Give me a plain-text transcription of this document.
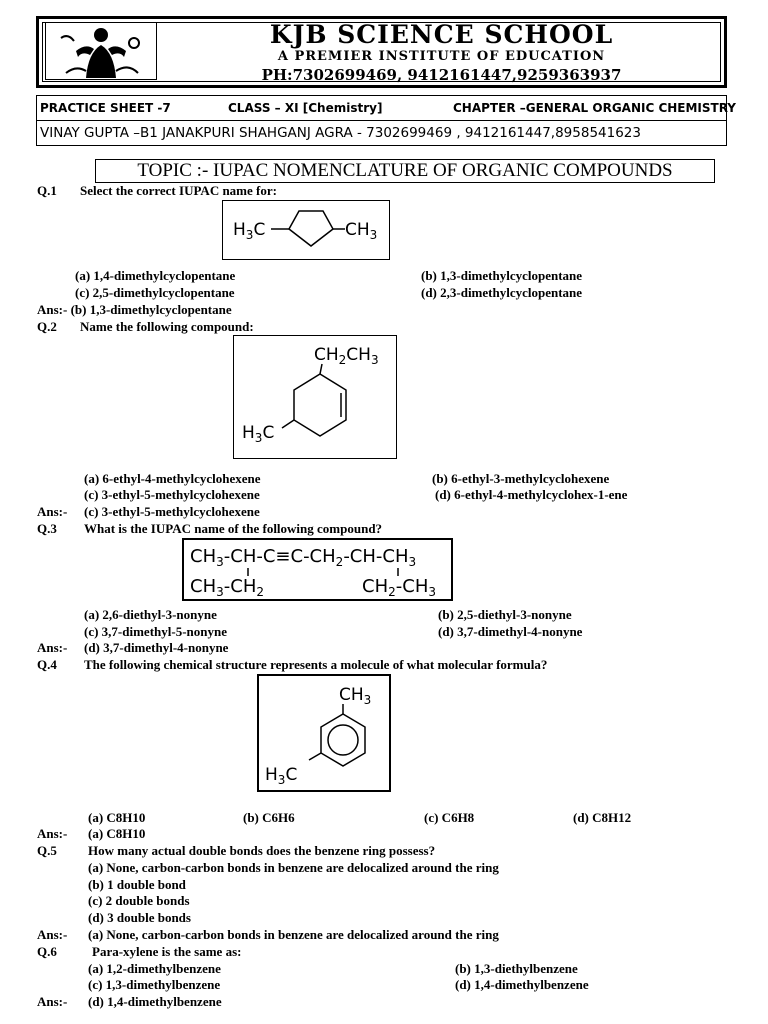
KJB SCIENCE SCHOOL
A PREMIER INSTITUTE OF EDUCATION
PH:7302699469, 9412161447,9259363937
PRACTICE SHEET -7	CLASS – XI [Chemistry]	CHAPTER –GENERAL ORGANIC CHEMISTRY
VINAY GUPTA –B1 JANAKPURI SHAHGANJ AGRA - 7302699469 , 9412161447,8958541623
TOPIC :- IUPAC NOMENCLATURE OF ORGANIC COMPOUNDS
Q.1 Select the correct IUPAC name for:
$H_3C$	$CH_3$
(a) 1,4-dimethylcyclopentane	(b) 1,3-dimethylcyclopentane
(c) 2,5-dimethylcyclopentane	(d) 2,3-dimethylcyclopentane
Ans:- (b) 1,3-dimethylcyclopentane
Q.2 Name the following compound:
$CH_2CH_3$
$H_3C$
(a) 6-ethyl-4-methylcyclohexene	(b) 6-ethyl-3-methylcyclohexene
(c) 3-ethyl-5-methylcyclohexene	(d) 6-ethyl-4-methylcyclohex-1-ene
Ans:- (c) 3-ethyl-5-methylcyclohexene
Q.3 What is the IUPAC name of the following compound?
$CH_3-CH-C\equiv C-CH_2-CH-CH_3$
$CH_3-CH_2$	$CH_2-CH_3$
(a) 2,6-diethyl-3-nonyne	(b) 2,5-diethyl-3-nonyne
(c) 3,7-dimethyl-5-nonyne	(d) 3,7-dimethyl-4-nonyne
Ans:- (d) 3,7-dimethyl-4-nonyne
Q.4 The following chemical structure represents a molecule of what molecular formula?
$CH_3$
$H_3C$
(a) C8H10	(b) C6H6	(c) C6H8	(d) C8H12
Ans:- (a) C8H10
Q.5 How many actual double bonds does the benzene ring possess?
(a) None, carbon-carbon bonds in benzene are delocalized around the ring
(b) 1 double bond
(c) 2 double bonds
(d) 3 double bonds
Ans:- (a) None, carbon-carbon bonds in benzene are delocalized around the ring
Q.6	Para-xylene is the same as:
(a) 1,2-dimethylbenzene	(b) 1,3-diethylbenzene
(c) 1,3-dimethylbenzene	(d) 1,4-dimethylbenzene
Ans:- (d) 1,4-dimethylbenzene
